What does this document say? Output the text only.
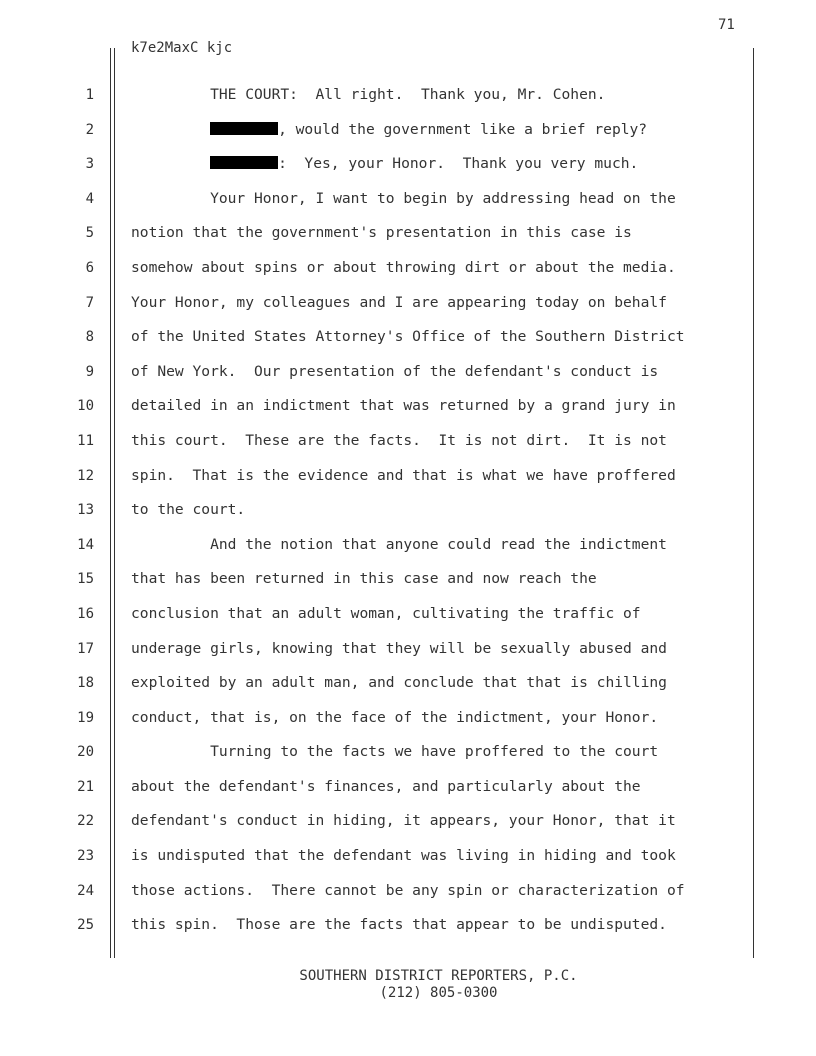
71
k7e2MaxC kjc
1
2
3
4
5
6
7
8
9
10
11
12
13
14
15
16
17
18
19
20
21
22
23
24
25
THE COURT:  All right.  Thank you, Mr. Cohen.
, would the government like a brief reply?
:  Yes, your Honor.  Thank you very much.
Your Honor, I want to begin by addressing head on the
notion that the government's presentation in this case is
somehow about spins or about throwing dirt or about the media.
Your Honor, my colleagues and I are appearing today on behalf
of the United States Attorney's Office of the Southern District
of New York.  Our presentation of the defendant's conduct is
detailed in an indictment that was returned by a grand jury in
this court.  These are the facts.  It is not dirt.  It is not
spin.  That is the evidence and that is what we have proffered
to the court.
And the notion that anyone could read the indictment
that has been returned in this case and now reach the
conclusion that an adult woman, cultivating the traffic of
underage girls, knowing that they will be sexually abused and
exploited by an adult man, and conclude that that is chilling
conduct, that is, on the face of the indictment, your Honor.
Turning to the facts we have proffered to the court
about the defendant's finances, and particularly about the
defendant's conduct in hiding, it appears, your Honor, that it
is undisputed that the defendant was living in hiding and took
those actions.  There cannot be any spin or characterization of
this spin.  Those are the facts that appear to be undisputed.
SOUTHERN DISTRICT REPORTERS, P.C.
(212) 805-0300
